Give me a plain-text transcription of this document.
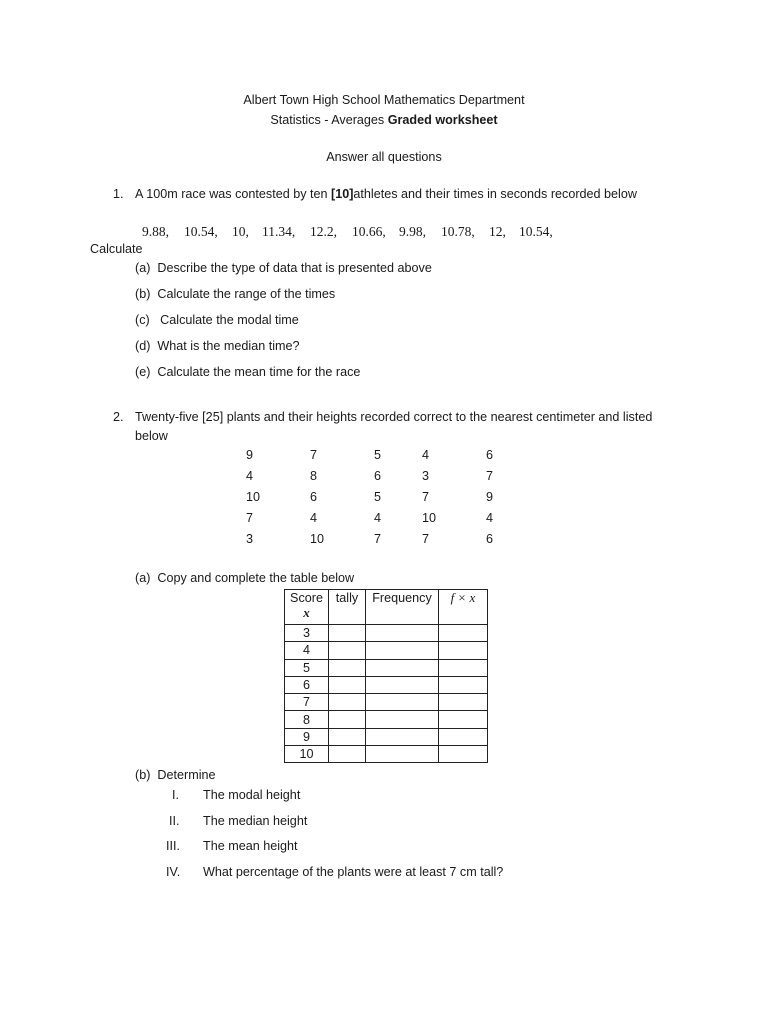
Albert Town High School Mathematics Department
Statistics - Averages Graded worksheet
Answer all questions
1. A 100m race was contested by ten [10]athletes and their times in seconds recorded below
9.88, 10.54, 10, 11.34, 12.2, 10.66, 9.98, 10.78, 12, 10.54,
Calculate
(a) Describe the type of data that is presented above
(b) Calculate the range of the times
(c)   Calculate the modal time
(d) What is the median time?
(e) Calculate the mean time for the race
2. Twenty-five [25] plants and their heights recorded correct to the nearest centimeter and listed
below
9	7	5	4	6
4	8	6	3	7
10	6	5	7	9
7	4	4	10	4
3	10	7	7	6
(a) Copy and complete the table below
Score
x	tally	Frequency	f × x
3			
4			
5			
6			
7			
8			
9			
10			
(b) Determine
I. The modal height
II. The median height
III. The mean height
IV. What percentage of the plants were at least 7 cm tall?
